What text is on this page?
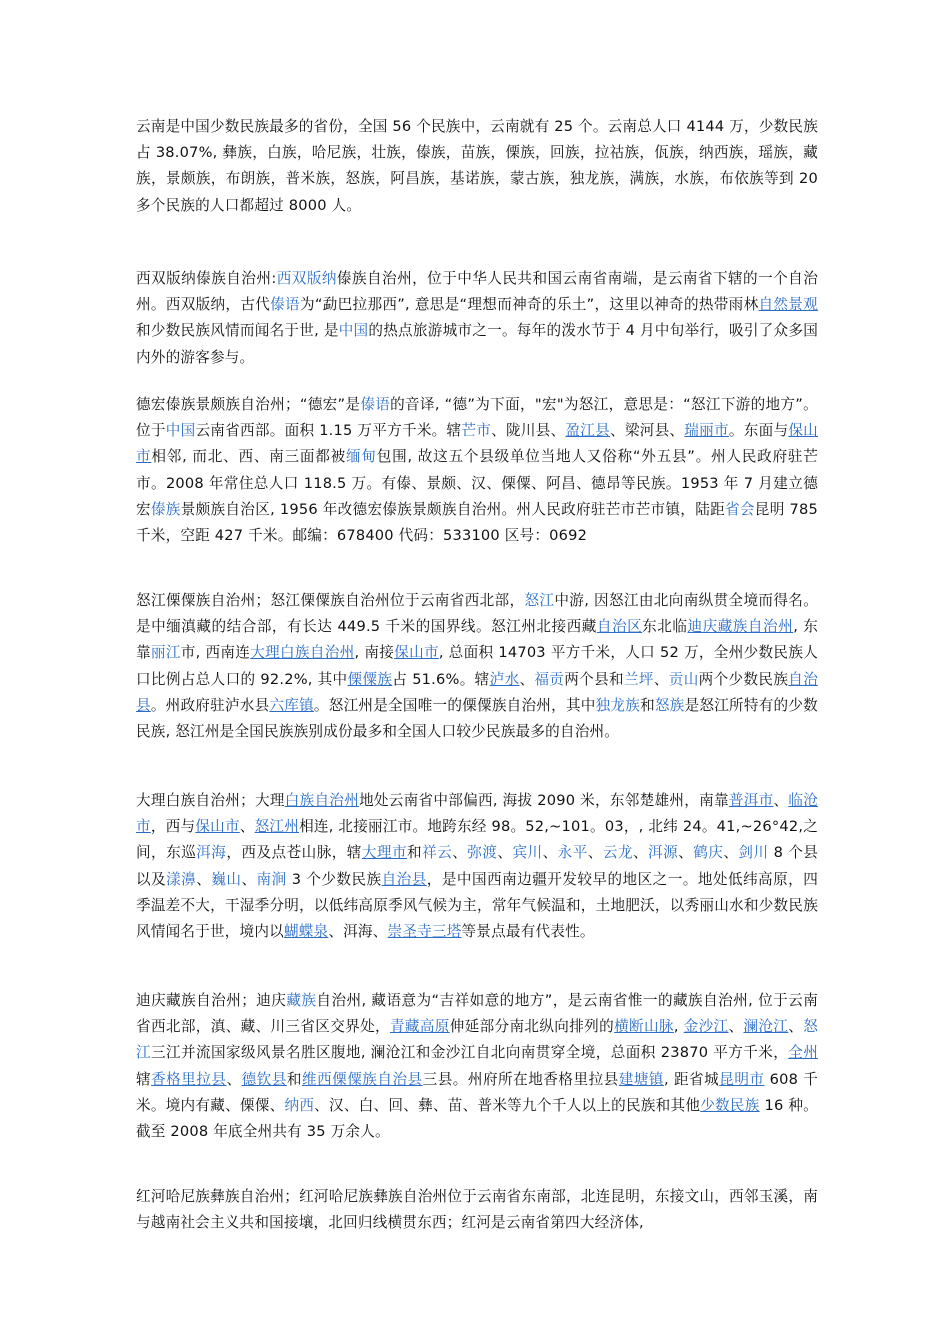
云南是中国少数民族最多的省份，全国 56 个民族中，云南就有 25 个。云南总人口 4144 万，少数民族占 38.07%, 彝族，白族，哈尼族，壮族，傣族，苗族，傈族，回族，拉祜族，佤族，纳西族，瑶族，藏族，景颇族，布朗族，普米族，怒族，阿昌族，基诺族，蒙古族，独龙族，满族，水族，布依族等到 20 多个民族的人口都超过 8000 人。

西双版纳傣族自治州:西双版纳傣族自治州，位于中华人民共和国云南省南端，是云南省下辖的一个自治州。西双版纳，古代傣语为“勐巴拉那西”, 意思是“理想而神奇的乐土”，这里以神奇的热带雨林自然景观和少数民族风情而闻名于世, 是中国的热点旅游城市之一。每年的泼水节于 4 月中旬举行，吸引了众多国内外的游客参与。

德宏傣族景颇族自治州；“德宏”是傣语的音译, “德”为下面，"宏"为怒江，意思是：“怒江下游的地方”。位于中国云南省西部。面积 1.15 万平方千米。辖芒市、陇川县、盈江县、梁河县、瑞丽市。东面与保山市相邻, 而北、西、南三面都被缅甸包围, 故这五个县级单位当地人又俗称“外五县”。州人民政府驻芒市。2008 年常住总人口 118.5 万。有傣、景颇、汉、傈僳、阿昌、德昂等民族。1953 年 7 月建立德宏傣族景颇族自治区, 1956 年改德宏傣族景颇族自治州。州人民政府驻芒市芒市镇，陆距省会昆明 785 千米，空距 427 千米。邮编：678400 代码：533100 区号：0692

怒江傈僳族自治州；怒江傈僳族自治州位于云南省西北部，怒江中游, 因怒江由北向南纵贯全境而得名。是中缅滇藏的结合部，有长达 449.5 千米的国界线。怒江州北接西藏自治区东北临迪庆藏族自治州, 东靠丽江市, 西南连大理白族自治州, 南接保山市, 总面积 14703 平方千米，人口 52 万，全州少数民族人口比例占总人口的 92.2%, 其中傈僳族占 51.6%。辖泸水、福贡两个县和兰坪、贡山两个少数民族自治县。州政府驻泸水县六库镇。怒江州是全国唯一的傈僳族自治州，其中独龙族和怒族是怒江所特有的少数民族, 怒江州是全国民族族别成份最多和全国人口较少民族最多的自治州。

大理白族自治州；大理白族自治州地处云南省中部偏西, 海拔 2090 米，东邻楚雄州，南靠普洱市、临沧市，西与保山市、怒江州相连, 北接丽江市。地跨东经 98。52,~101。03，, 北纬 24。41,~26°42,之间，东巡洱海，西及点苍山脉，辖大理市和祥云、弥渡、宾川、永平、云龙、洱源、鹤庆、剑川 8 个县以及漾濞、巍山、南涧 3 个少数民族自治县，是中国西南边疆开发较早的地区之一。地处低纬高原，四季温差不大，干湿季分明，以低纬高原季风气候为主，常年气候温和，土地肥沃，以秀丽山水和少数民族风情闻名于世，境内以蝴蝶泉、洱海、崇圣寺三塔等景点最有代表性。

迪庆藏族自治州；迪庆藏族自治州, 藏语意为“吉祥如意的地方”，是云南省惟一的藏族自治州, 位于云南省西北部，滇、藏、川三省区交界处，青藏高原伸延部分南北纵向排列的横断山脉, 金沙江、澜沧江、怒江三江并流国家级风景名胜区腹地, 澜沧江和金沙江自北向南贯穿全境，总面积 23870 平方千米，全州辖香格里拉县、德钦县和维西傈僳族自治县三县。州府所在地香格里拉县建塘镇, 距省城昆明市 608 千米。境内有藏、傈僳、纳西、汉、白、回、彝、苗、普米等九个千人以上的民族和其他少数民族 16 种。截至 2008 年底全州共有 35 万余人。

红河哈尼族彝族自治州；红河哈尼族彝族自治州位于云南省东南部，北连昆明，东接文山，西邻玉溪，南与越南社会主义共和国接壤，北回归线横贯东西；红河是云南省第四大经济体,
